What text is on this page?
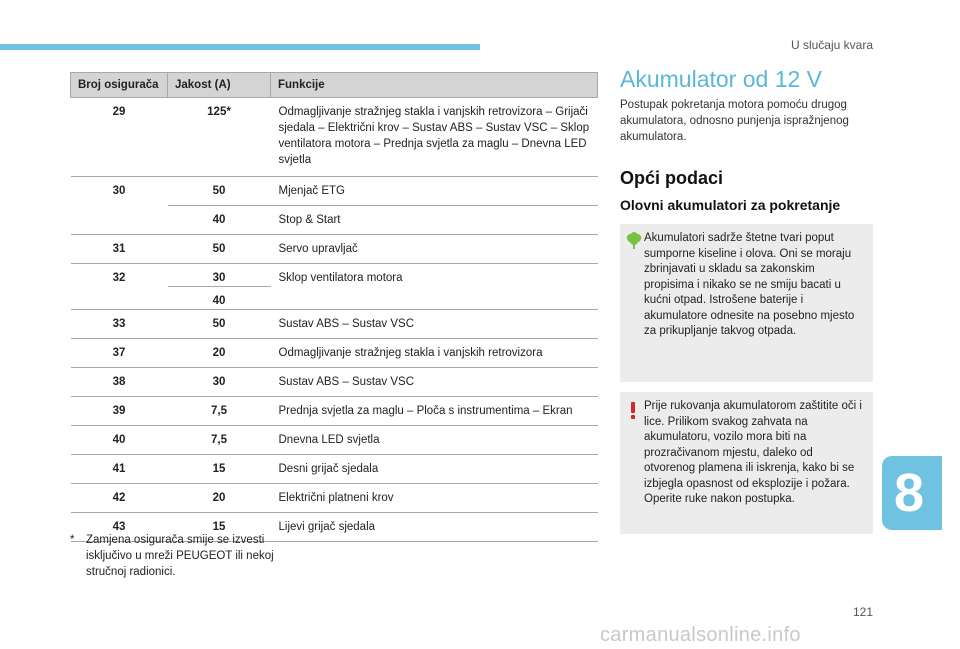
U slučaju kvara
Broj osigurača	Jakost (A)	Funkcije
29	125*	Odmagljivanje stražnjeg stakla i vanjskih retrovizora – Grijači sjedala – Električni krov – Sustav ABS – Sustav VSC – Sklop ventilatora motora – Prednja svjetla za maglu – Dnevna LED svjetla
30	50	Mjenjač ETG
	40	Stop & Start
31	50	Servo upravljač
32	30	Sklop ventilatora motora
	40	
33	50	Sustav ABS – Sustav VSC
37	20	Odmagljivanje stražnjeg stakla i vanjskih retrovizora
38	30	Sustav ABS – Sustav VSC
39	7,5	Prednja svjetla za maglu – Ploča s instrumentima – Ekran
40	7,5	Dnevna LED svjetla
41	15	Desni grijač sjedala
42	20	Električni platneni krov
43	15	Lijevi grijač sjedala
* Zamjena osigurača smije se izvesti isključivo u mreži PEUGEOT ili nekoj stručnoj radionici.
Akumulator od 12 V
Postupak pokretanja motora pomoću drugog akumulatora, odnosno punjenja ispražnjenog akumulatora.
Opći podaci
Olovni akumulatori za pokretanje
Akumulatori sadrže štetne tvari poput sumporne kiseline i olova. Oni se moraju zbrinjavati u skladu sa zakonskim propisima i nikako se ne smiju bacati u kućni otpad. Istrošene baterije i akumulatore odnesite na posebno mjesto za prikupljanje takvog otpada.
Prije rukovanja akumulatorom zaštitite oči i lice. Prilikom svakog zahvata na akumulatoru, vozilo mora biti na prozračivanom mjestu, daleko od otvorenog plamena ili iskrenja, kako bi se izbjegla opasnost od eksplozije i požara. Operite ruke nakon postupka.	8
121
carmanualsonline.info
